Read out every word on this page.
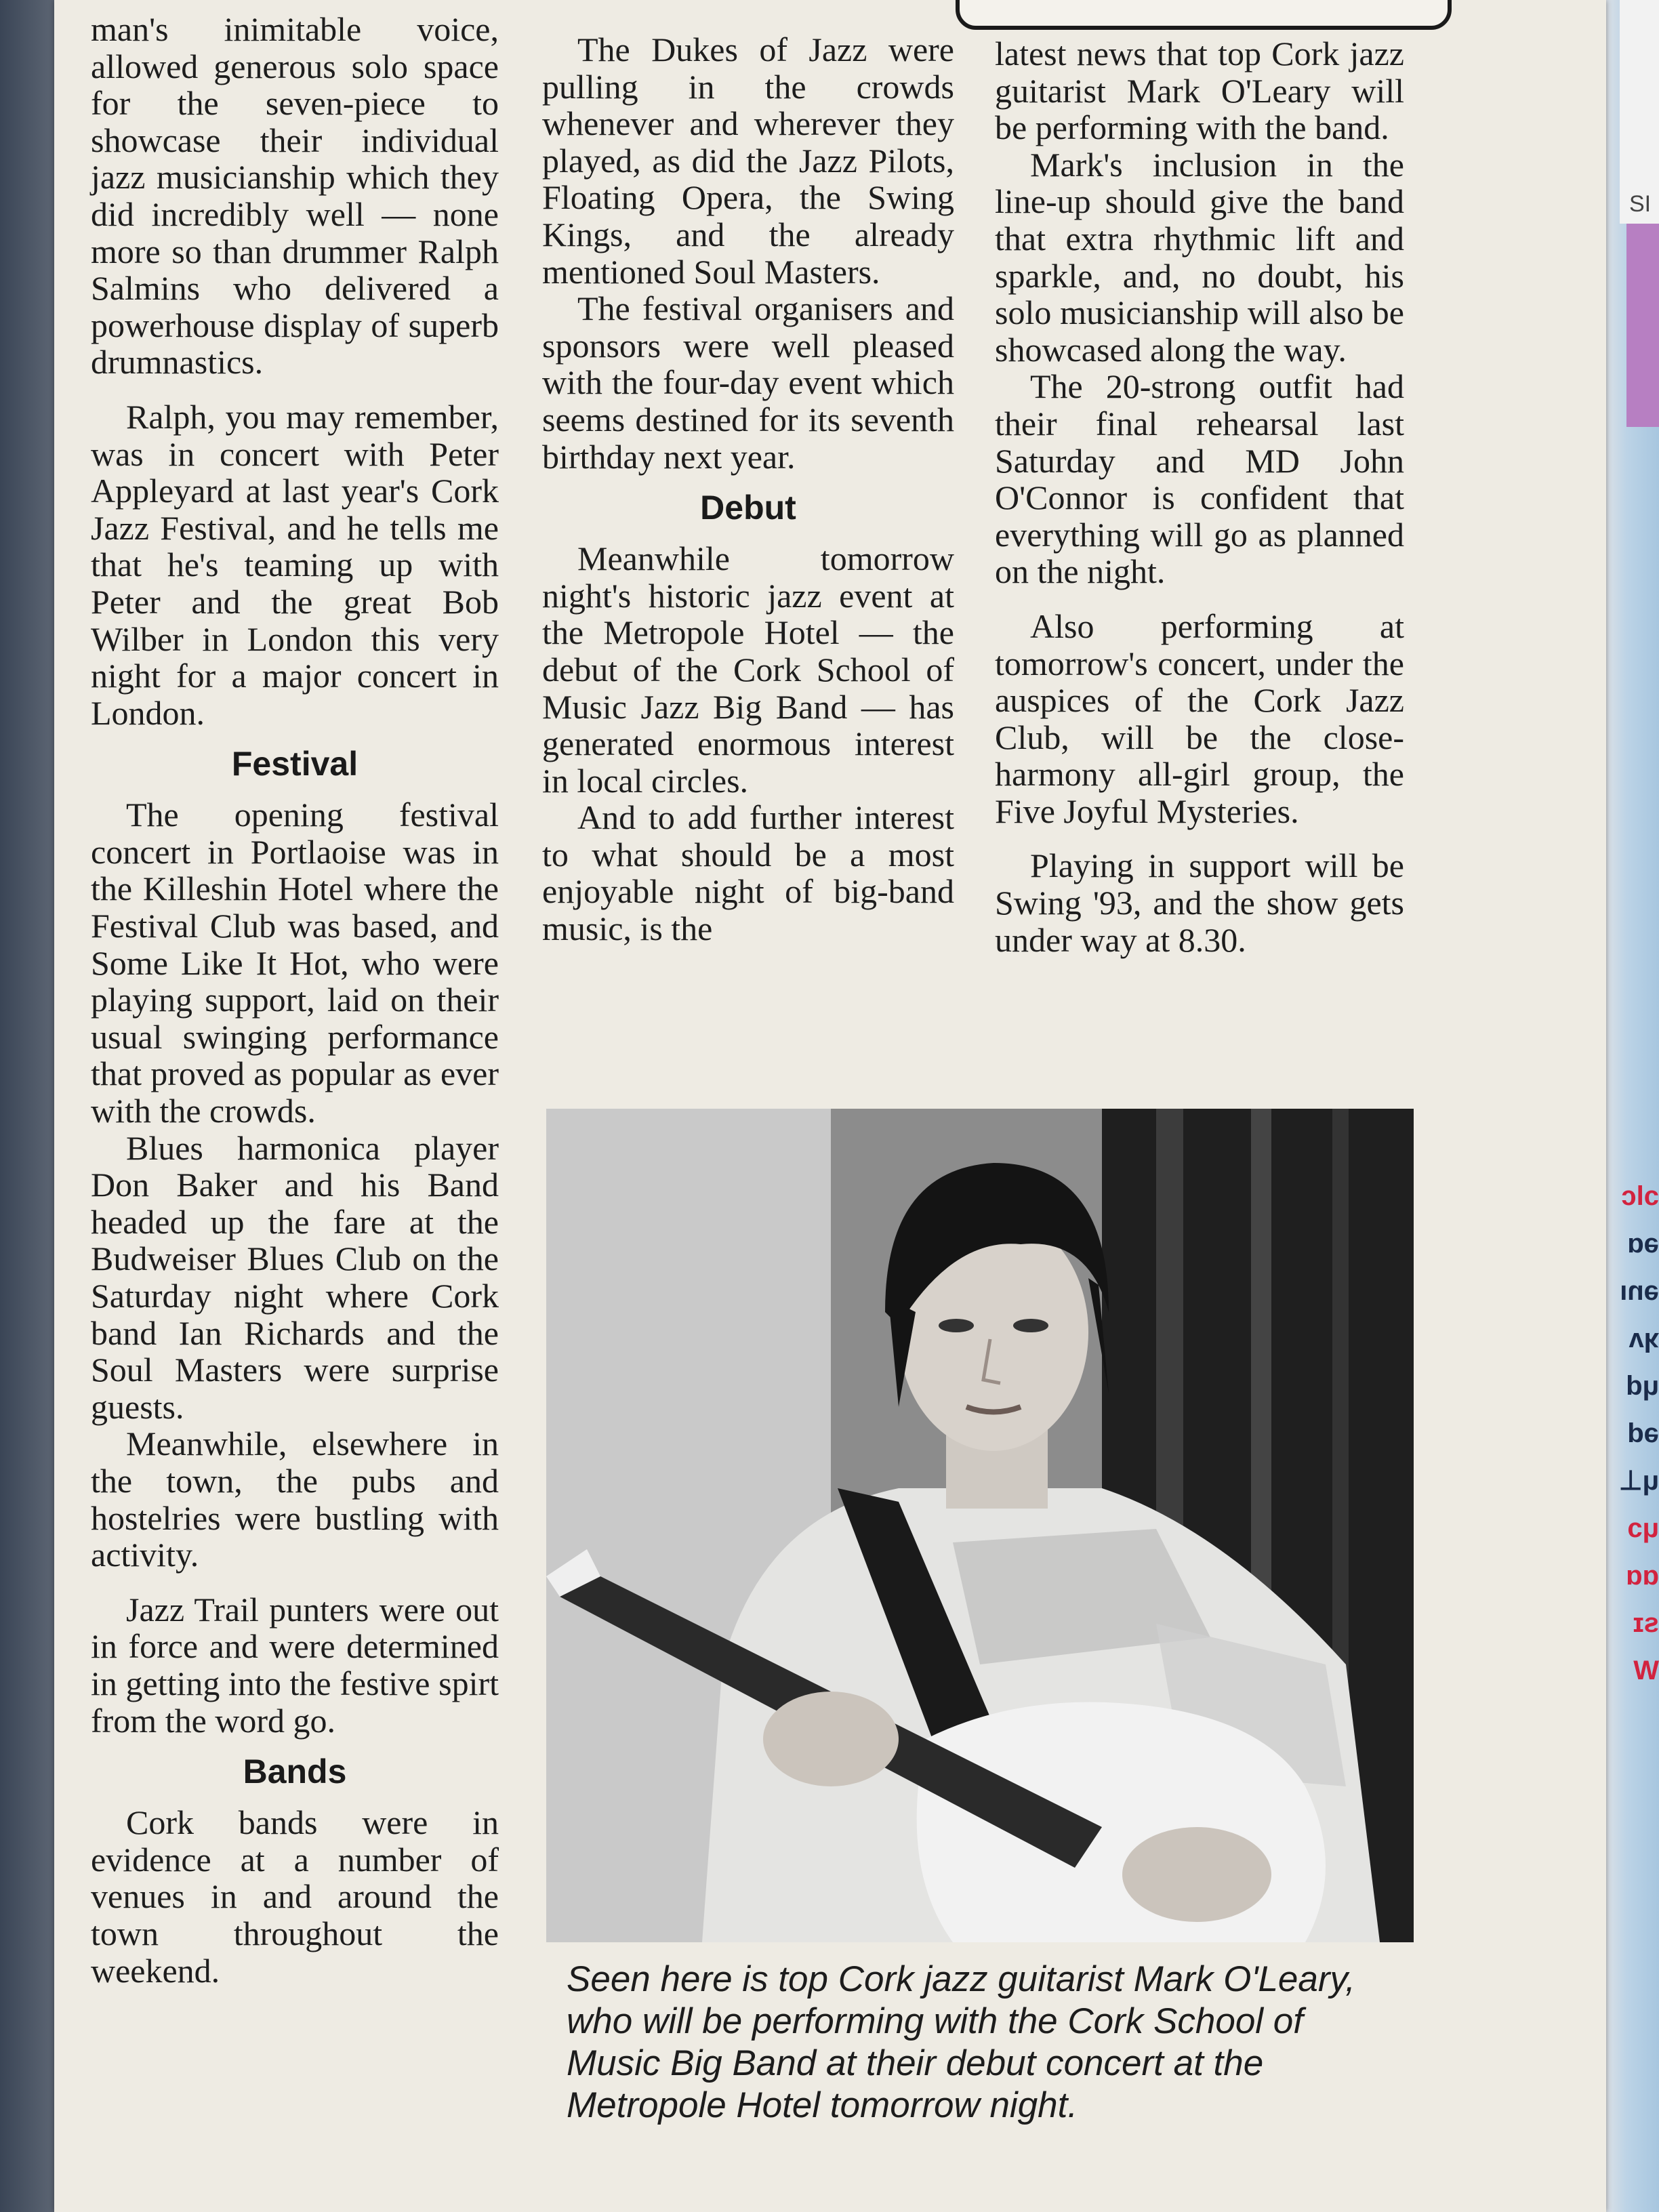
SI
ɔlc
əɑ
ənı
ʞʌ
ɥd
əd
ɥ⊥
ɥɔ
ɑɑ
sɪ
W

man's inimitable voice, allowed generous solo space for the seven-piece to showcase their individual jazz musicianship which they did incredibly well — none more so than drummer Ralph Salmins who delivered a powerhouse display of superb drumnastics.

Ralph, you may remember, was in concert with Peter Appleyard at last year's Cork Jazz Festival, and he tells me that he's teaming up with Peter and the great Bob Wilber in London this very night for a major concert in London.

Festival

The opening festival concert in Portlaoise was in the Killeshin Hotel where the Festival Club was based, and Some Like It Hot, who were playing support, laid on their usual swinging performance that proved as popular as ever with the crowds.

Blues harmonica player Don Baker and his Band headed up the fare at the Budweiser Blues Club on the Saturday night where Cork band Ian Richards and the Soul Masters were surprise guests.

Meanwhile, elsewhere in the town, the pubs and hostelries were bustling with activity.

Jazz Trail punters were out in force and were determined in getting into the festive spirt from the word go.

Bands

Cork bands were in evidence at a number of venues in and around the town throughout the weekend.

The Dukes of Jazz were pulling in the crowds whenever and wherever they played, as did the Jazz Pilots, Floating Opera, the Swing Kings, and the already mentioned Soul Masters.

The festival organisers and sponsors were well pleased with the four-day event which seems destined for its seventh birthday next year.

Debut

Meanwhile tomorrow night's historic jazz event at the Metropole Hotel — the debut of the Cork School of Music Jazz Big Band — has generated enormous interest in local circles.

And to add further interest to what should be a most enjoyable night of big-band music, is the

latest news that top Cork jazz guitarist Mark O'Leary will be performing with the band.

Mark's inclusion in the line-up should give the band that extra rhythmic lift and sparkle, and, no doubt, his solo musicianship will also be showcased along the way.

The 20-strong outfit had their final rehearsal last Saturday and MD John O'Connor is confident that everything will go as planned on the night.

Also performing at tomorrow's concert, under the auspices of the Cork Jazz Club, will be the close-harmony all-girl group, the Five Joyful Mysteries.

Playing in support will be Swing '93, and the show gets under way at 8.30.

Seen here is top Cork jazz guitarist Mark O'Leary, who will be performing with the Cork School of Music Big Band at their debut concert at the Metropole Hotel tomorrow night.
